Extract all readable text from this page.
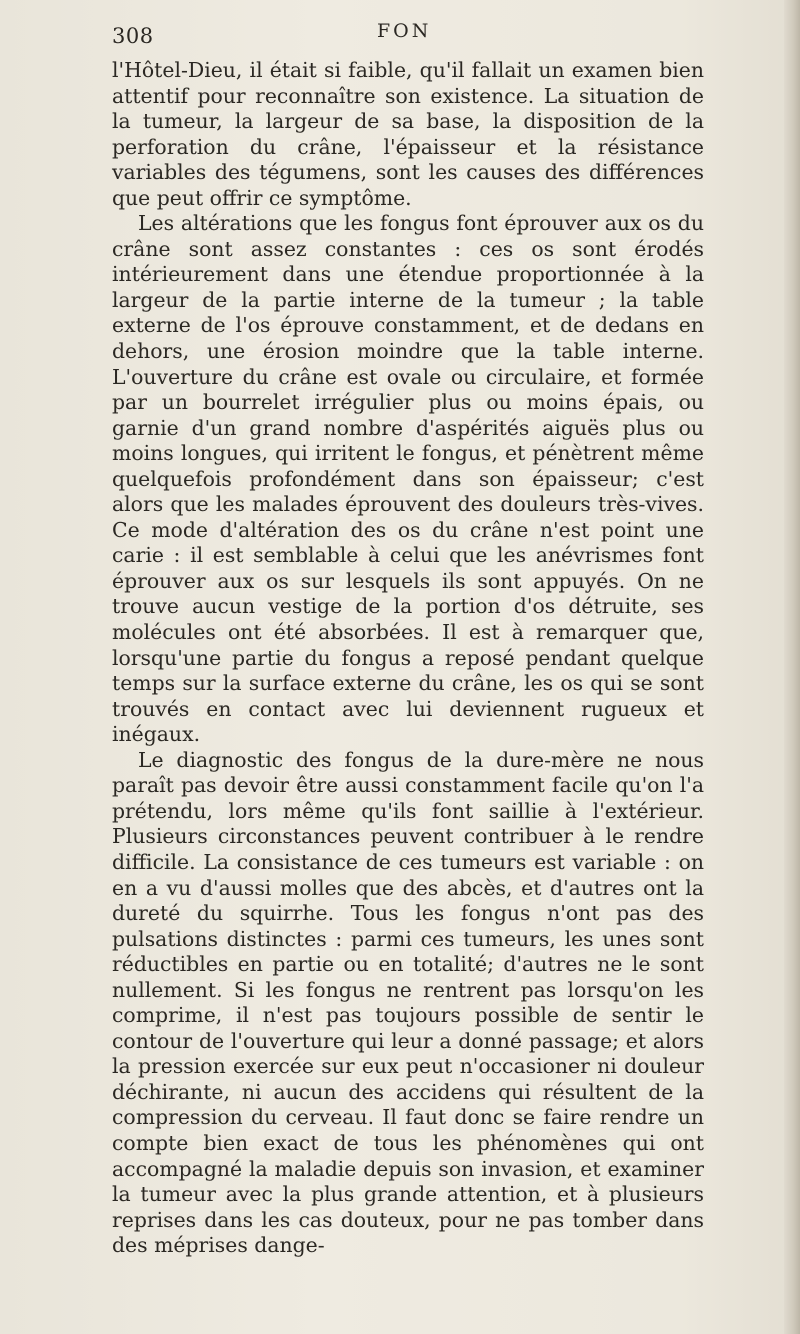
308	FON

l'Hôtel-Dieu, il était si faible, qu'il fallait un examen bien attentif pour reconnaître son existence. La situation de la tumeur, la largeur de sa base, la disposition de la perforation du crâne, l'épaisseur et la résistance variables des tégumens, sont les causes des différences que peut offrir ce symptôme.

Les altérations que les fongus font éprouver aux os du crâne sont assez constantes : ces os sont érodés intérieurement dans une étendue proportionnée à la largeur de la partie interne de la tumeur ; la table externe de l'os éprouve constamment, et de dedans en dehors, une érosion moindre que la table interne. L'ouverture du crâne est ovale ou circulaire, et formée par un bourrelet irrégulier plus ou moins épais, ou garnie d'un grand nombre d'aspérités aiguës plus ou moins longues, qui irritent le fongus, et pénètrent même quelquefois profondément dans son épaisseur; c'est alors que les malades éprouvent des douleurs très-vives. Ce mode d'altération des os du crâne n'est point une carie : il est semblable à celui que les anévrismes font éprouver aux os sur lesquels ils sont appuyés. On ne trouve aucun vestige de la portion d'os détruite, ses molécules ont été absorbées. Il est à remarquer que, lorsqu'une partie du fongus a reposé pendant quelque temps sur la surface externe du crâne, les os qui se sont trouvés en contact avec lui deviennent rugueux et inégaux.

Le diagnostic des fongus de la dure-mère ne nous paraît pas devoir être aussi constamment facile qu'on l'a prétendu, lors même qu'ils font saillie à l'extérieur. Plusieurs circonstances peuvent contribuer à le rendre difficile. La consistance de ces tumeurs est variable : on en a vu d'aussi molles que des abcès, et d'autres ont la dureté du squirrhe. Tous les fongus n'ont pas des pulsations distinctes : parmi ces tumeurs, les unes sont réductibles en partie ou en totalité; d'autres ne le sont nullement. Si les fongus ne rentrent pas lorsqu'on les comprime, il n'est pas toujours possible de sentir le contour de l'ouverture qui leur a donné passage; et alors la pression exercée sur eux peut n'occasioner ni douleur déchirante, ni aucun des accidens qui résultent de la compression du cerveau. Il faut donc se faire rendre un compte bien exact de tous les phénomènes qui ont accompagné la maladie depuis son invasion, et examiner la tumeur avec la plus grande attention, et à plusieurs reprises dans les cas douteux, pour ne pas tomber dans des méprises dange-
